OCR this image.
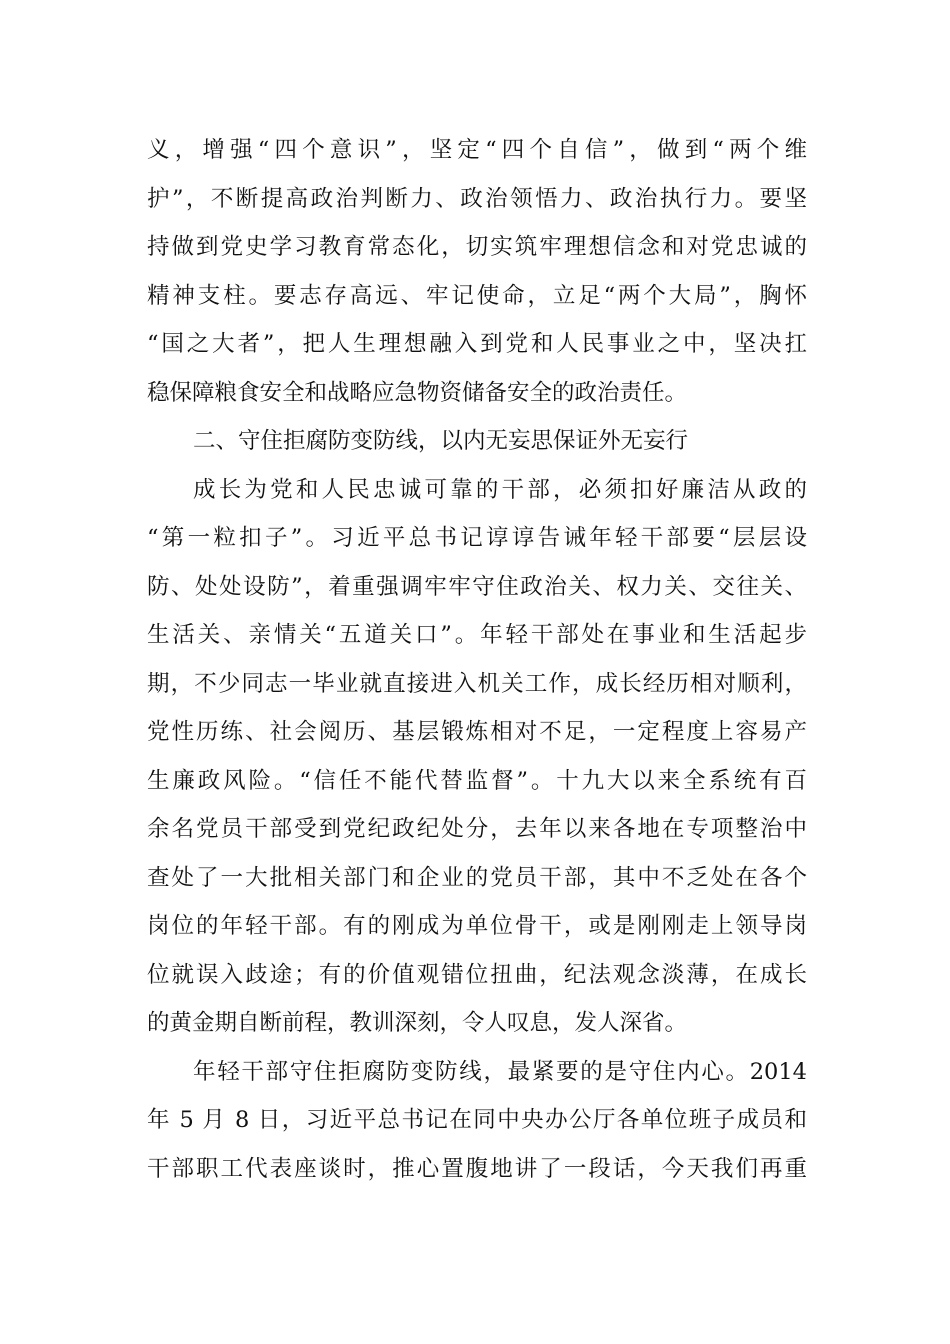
义，增强“四个意识”，坚定“四个自信”，做到“两个维
护”，不断提高政治判断力、政治领悟力、政治执行力。要坚
持做到党史学习教育常态化，切实筑牢理想信念和对党忠诚的
精神支柱。要志存高远、牢记使命，立足“两个大局”，胸怀
“国之大者”，把人生理想融入到党和人民事业之中，坚决扛
稳保障粮食安全和战略应急物资储备安全的政治责任。
二、守住拒腐防变防线，以内无妄思保证外无妄行
成长为党和人民忠诚可靠的干部，必须扣好廉洁从政的
“第一粒扣子”。习近平总书记谆谆告诫年轻干部要“层层设
防、处处设防”，着重强调牢牢守住政治关、权力关、交往关、
生活关、亲情关“五道关口”。年轻干部处在事业和生活起步
期，不少同志一毕业就直接进入机关工作，成长经历相对顺利，
党性历练、社会阅历、基层锻炼相对不足，一定程度上容易产
生廉政风险。“信任不能代替监督”。十九大以来全系统有百
余名党员干部受到党纪政纪处分，去年以来各地在专项整治中
查处了一大批相关部门和企业的党员干部，其中不乏处在各个
岗位的年轻干部。有的刚成为单位骨干，或是刚刚走上领导岗
位就误入歧途；有的价值观错位扭曲，纪法观念淡薄，在成长
的黄金期自断前程，教训深刻，令人叹息，发人深省。
年轻干部守住拒腐防变防线，最紧要的是守住内心。2014
年 5 月 8 日，习近平总书记在同中央办公厅各单位班子成员和
干部职工代表座谈时，推心置腹地讲了一段话，今天我们再重
